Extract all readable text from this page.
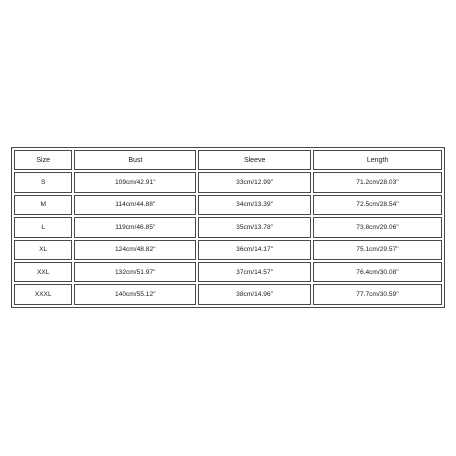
Size	Bust	Sleeve	Length
S	109cm/42.91''	33cm/12.99''	71.2cm/28.03''
M	114cm/44.88''	34cm/13.39''	72.5cm/28.54''
L	119cm/46.85''	35cm/13.78''	73.8cm/29.06''
XL	124cm/48.82''	36cm/14.17''	75.1cm/29.57''
XXL	132cm/51.97''	37cm/14.57''	76.4cm/30.08''
XXXL	140cm/55.12''	38cm/14.96''	77.7cm/30.59''
